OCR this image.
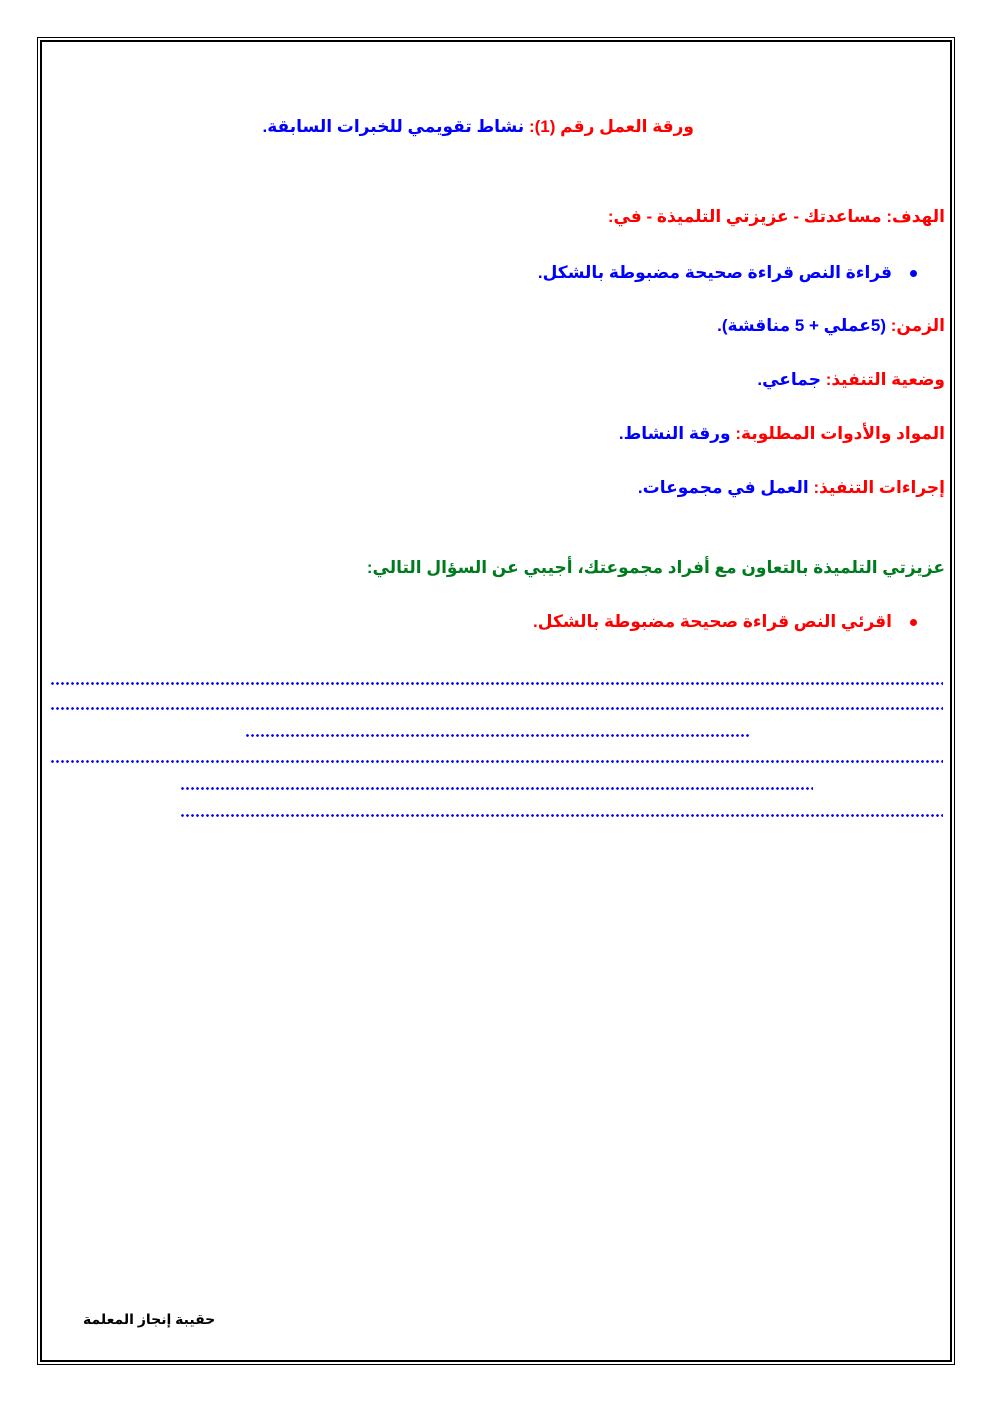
ورقة العمل رقم (1): نشاط تقويمي للخبرات السابقة.
الهدف: مساعدتك - عزيزتي التلميذة - في:
قراءة النص قراءة صحيحة مضبوطة بالشكل.
الزمن: (5عملي + 5 مناقشة).
وضعية التنفيذ: جماعي.
المواد والأدوات المطلوبة: ورقة النشاط.
إجراءات التنفيذ: العمل في مجموعات.
عزيزتي التلميذة بالتعاون مع أفراد مجموعتك، أجيبي عن السؤال التالي:
اقرئي النص قراءة صحيحة مضبوطة بالشكل.
حقيبة إنجاز المعلمة
